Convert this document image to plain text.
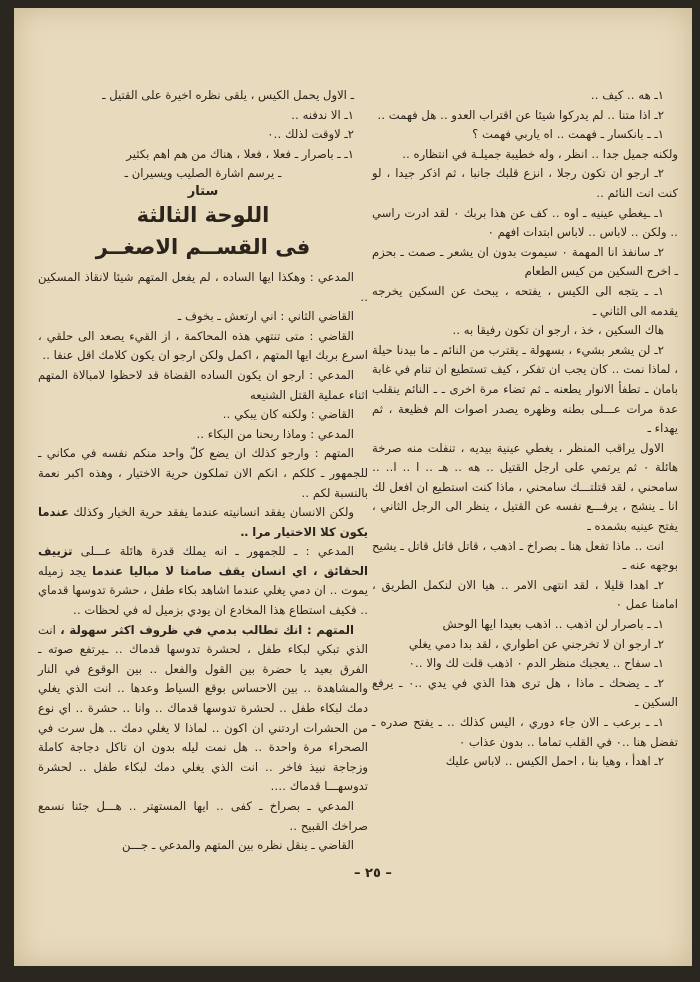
١ـ هه ‥ كيف ‥

٢ـ اذا متنا ‥ لم يدركوا شيئا عن اقتراب العدو ‥ هل فهمت ‥

١ـ ـ بانكسار ـ فهمت ‥ اه ياربي فهمت ؟

ولكنه جميل جدا ‥ انظر ، وله خطيبة جميلـة في انتظاره ‥

٢ـ ارجو ان تكون رجلا ، انزع قلبك جانبا ، ثم اذكر جيدا ، لو كنت انت النائم ‥

١ـ ـيغطي عينيه ـ اوه ‥ كف عن هذا بربك ٠ لقد ادرت راسي ‥ ولكن ‥ لاباس ‥ لاباس ابتدات افهم ٠

٢ـ سانفذ انا المهمة ٠ سيموت بدون ان يشعر ـ صمت ـ بحزم ـ اخرج السكين من كيس الطعام

١ـ ـ يتجه الى الكيس ، يفتحه ، يبحث عن السكين يخرجه يقدمه الى الثاني ـ

هاك السكين ، خذ ، ارجو ان تكون رفيقا به ‥

٢ـ لن يشعر بشيء ، بسهولة ـ يقترب من النائم ـ ما بيدنا حيلة ، لماذا نمت ‥ كان يجب ان تفكر ، كيف تستطيع ان تنام في غابة بامان ـ تطفأ الانوار يطعنه ـ ثم تضاء مرة اخرى ـ ـ النائم ينقلب عدة مرات عـــلى بطنه وظهره يصدر اصوات الم فظيعة ، ثم يهداء ـ

الاول يراقب المنظر ، يغطي عينية بيديه ، تنفلت منه صرخة هائلة ٠ ثم يرتمي على ارجل القتيل ‥ هه ‥ هـ ‥ ا ‥ ا‥ ‥ سامحني ، لقد قتلتـــك سامحني ، ماذا كنت استطيع ان افعل لك انا ـ ينشج ، يرفـــع نفسه عن القتيل ، ينظر الى الرجل الثاني ، يفتح عينيه بشمده ـ

انت ‥ ماذا تفعل هنا ـ بصراخ ـ اذهب ، قاتل قاتل قاتل ـ يشيح بوجهه عنه ـ

٢ـ اهدا قليلا ، لقد انتهى الامر ‥ هيا الان لنكمل الطريق ، امامنا عمل ٠

١ـ ـ باصرار لن اذهب ‥ اذهب بعيدا ايها الوحش

٢ـ ارجو ان لا تخرجني عن اطواري ، لقد بدا دمي يغلي

١ـ سفاح ‥ يعجبك منظر الدم ٠ اذهب قلت لك والا ‥٠

٢ـ ـ يضحك ـ ماذا ، هل ترى هذا الذي في يدي ‥٠ ـ يرفع السكين ـ

١ـ ـ برعب ـ الان جاء دوري ، اليس كذلك ‥ ـ يفتح صدره ـ تفضل هنا ‥٠ في القلب تماما ‥ بدون عذاب ٠

٢ـ اهدأ ، وهيا بنا ، احمل الكيس ‥ لاباس عليك

ـ الاول يحمل الكيس ، يلقى نظره اخيرة على القتيل ـ

١ـ الا ندفنه ‥

٢ـ لاوقت لذلك ‥٠

١ـ ـ باصرار ـ فعلا ، فعلا ، هناك من هم اهم بكثير

ـ يرسم اشارة الصليب ويسيران ـ

ستار
اللوحة الثالثة
فى القســم الاصغــر

المدعي : وهكذا ايها الساده ، لم يفعل المتهم شيئا لانقاذ المسكين ‥

القاضي الثاني : اني ارتعش ـ بخوف ـ

القاضي : متى تنتهي هذه المحاكمة ، از القيء يصعد الى حلقي ، اسرع بربك ايها المتهم ، اكمل ولكن ارجو ان يكون كلامك اقل عنفا ‥

المدعي : ارجو ان يكون الساده القضاة قد لاحظوا لامبالاة المتهم اثناء عملية القتل الشنيعه

القاضي : ولكنه كان يبكي ‥

المدعي : وماذا ربحنا من البكاء ‥

المتهم : وارجو كذلك ان يضع كلّ واحد منكم نفسه في مكاني ـ للجمهور ـ كلكم ، انكم الان تملكون حرية الاختيار ، وهذه اكبر نعمة بالنسبة لكم ‥

ولكن الانسان يفقد انسانيته عندما يفقد حرية الخيار وكذلك عندما يكون كلا الاختيار مرا ‥

المدعي : ـ للجمهور ـ انه يملك قدرة هائلة عـــلى تزييف الحقائق ، اي انسان يقف صامتا لا مباليا عندما يجد زميله يموت ‥ ان دمي يغلي عندما اشاهد بكاء طفل ، حشرة تدوسها قدماي ‥ فكيف استطاع هذا المخادع ان يودي بزميل له في لحظات ‥

المتهم : انك تطالب بدمي في ظروف اكثر سهولة ، انت الذي تبكي لبكاء طفل ، لحشرة تدوسها قدماك ‥ ـيرتفع صوته ـ الفرق بعيد يا حضرة بين القول والفعل ‥ بين الوقوع في النار والمشاهدة ‥ بين الاحساس بوقع السياط وعدها ‥ انت الذي يغلي دمك لبكاء طفل ‥ لحشرة تدوسها قدماك ‥ وانا ‥ حشرة ‥ اي نوع من الحشرات اردتني ان اكون ‥ لماذا لا يغلي دمك ‥ هل سرت في الصحراء مرة واحدة ‥ هل نمت ليله بدون ان تاكل دجاجة كاملة وزجاجة نبيذ فاخر ‥ انت الذي يغلي دمك لبكاء طفل ‥ لحشرة تدوسهـــا قدماك ‥‥

المدعي ـ بصراخ ـ كفى ‥ ايها المستهتر ‥ هـــل جئنا نسمع صراخك القبيح ‥

القاضي ـ ينقل نظره بين المتهم والمدعي ـ جـــن

– ٢٥ –
